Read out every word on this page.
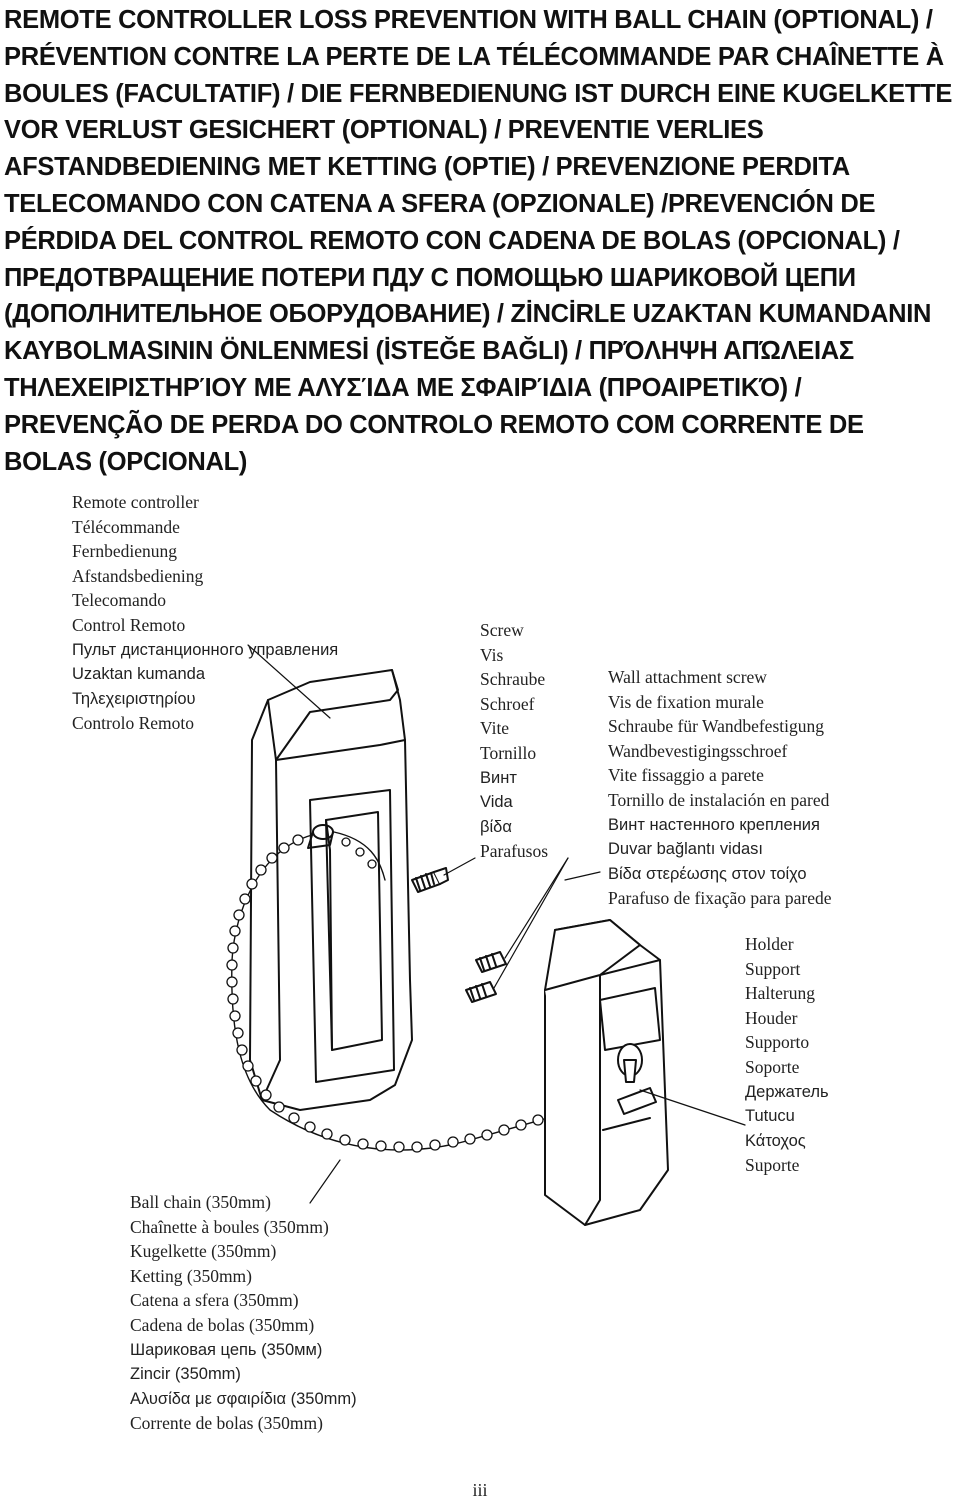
REMOTE CONTROLLER LOSS PREVENTION WITH BALL CHAIN (OPTIONAL) / PRÉVENTION CONTRE LA PERTE DE LA TÉLÉCOMMANDE PAR CHAÎNETTE À BOULES (FACULTATIF) / DIE FERNBEDIENUNG IST DURCH EINE KUGELKETTE VOR VERLUST GESICHERT (OPTIONAL) / PREVENTIE VERLIES AFSTANDBEDIENING MET KETTING (OPTIE) / PREVENZIONE PERDITA TELECOMANDO CON CATENA A SFERA (OPZIONALE) /PREVENCIÓN DE PÉRDIDA DEL CONTROL REMOTO CON CADENA DE BOLAS (OPCIONAL) / ПРЕДОТВРАЩЕНИЕ ПОТЕРИ ПДУ С ПОМОЩЬЮ ШАРИКОВОЙ ЦЕПИ (ДОПОЛНИТЕЛЬНОЕ ОБОРУДОВАНИЕ) / ZİNCİRLE UZAKTAN KUMANDANIN KAYBOLMASININ ÖNLENMESİ (İSTEĞE BAĞLI) / ΠΡΌΛΗΨΗ ΑΠΏΛΕΙΑΣ ΤΗΛΕΧΕΙΡΙΣΤΗΡΊΟΥ ΜΕ ΑΛΥΣΊΔΑ ΜΕ ΣΦΑΙΡΊΔΙΑ (ΠΡΟΑΙΡΕΤΙΚΌ) / PREVENÇÃO DE PERDA DO CONTROLO REMOTO COM CORRENTE DE BOLAS (OPCIONAL)
Remote controller
Télécommande
Fernbedienung
Afstandsbediening
Telecomando
Control Remoto
Пульт дистанционного управления
Uzaktan kumanda
Τηλεχειριστηρίου
Controlo Remoto
Screw
Vis
Schraube
Schroef
Vite
Tornillo
Винт
Vida
βίδα
Parafusos
Wall attachment screw
Vis de fixation murale
Schraube für Wandbefestigung
Wandbevestigingsschroef
Vite fissaggio a parete
Tornillo de instalación en pared
Винт настенного крепления
Duvar bağlantı vidası
Βίδα στερέωσης στον τοίχο
Parafuso de fixação para parede
Holder
Support
Halterung
Houder
Supporto
Soporte
Держатель
Tutucu
Κάτοχος
Suporte
Ball chain (350mm)
Chaînette à boules (350mm)
Kugelkette (350mm)
Ketting (350mm)
Catena a sfera (350mm)
Cadena de bolas (350mm)
Шариковая цепь (350мм)
Zincir (350mm)
Αλυσίδα με σφαιρίδια (350mm)
Corrente de bolas (350mm)
iii
